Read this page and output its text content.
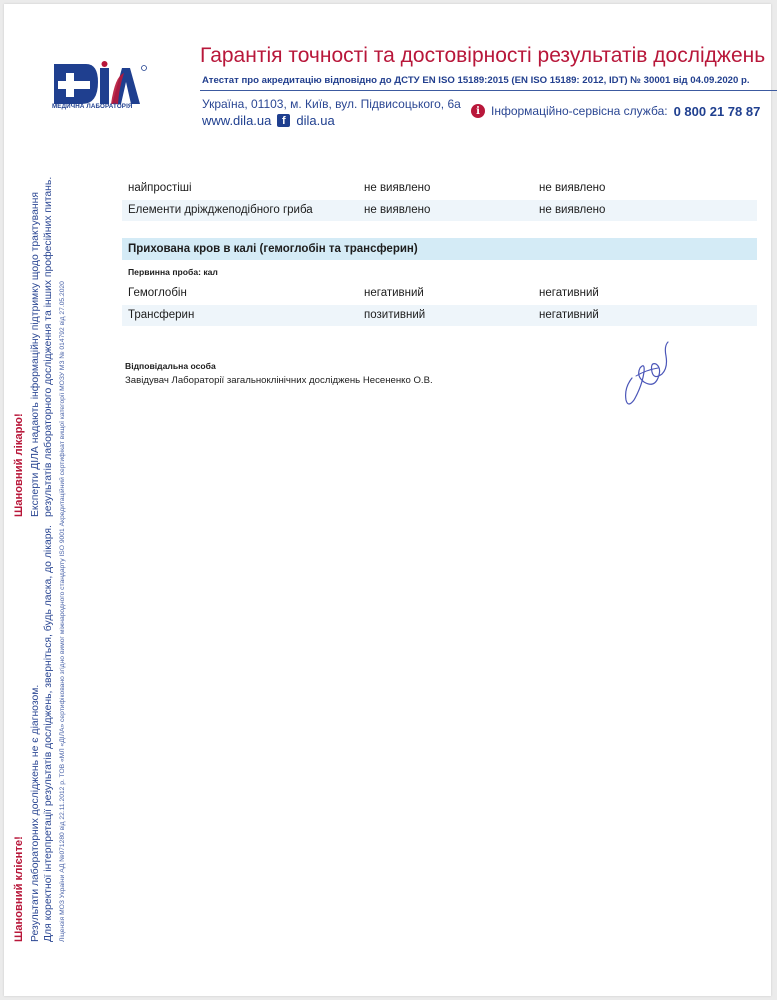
МЕДИЧНА ЛАБОРАТОРІЯ
Гарантія точності та достовірності результатів досліджень
Атестат про акредитацію відповідно до ДСТУ EN ISO 15189:2015 (EN ISO 15189: 2012, IDT) № 30001 від 04.09.2020 р.
Україна, 01103, м. Київ, вул. Підвисоцького, 6а
www.dila.ua f dila.ua
i Інформаційно-сервісна служба: 0 800 21 78 87
Шановний лікарю! Експерти ДІЛА надають інформаційну підтримку щодо трактування результатів лабораторного дослідження та інших професійних питань.
Шановний клієнте! Результати лабораторних досліджень не є діагнозом. Для коректної інтерпретації результатів досліджень, зверніться, будь ласка, до лікаря. Ліцензія МОЗ України АД №071280 від 22.11.2012 р. ТОВ «МЛ «ДІЛА» сертифіковано згідно вимог міжнародного стандарту ISO 9001 Акредитаційний сертифікат вищої категорії МОЗУ МЗ № 014792 від 27.05.2020
найпростіші	не виявлено	не виявлено
Елементи дріжджеподібного гриба	не виявлено	не виявлено
Прихована кров в калі (гемоглобін та трансферин)
Первинна проба: кал
Гемоглобін	негативний	негативний
Трансферин	позитивний	негативний
Відповідальна особа
Завідувач Лабораторії загальноклінічних досліджень Несененко О.В.
